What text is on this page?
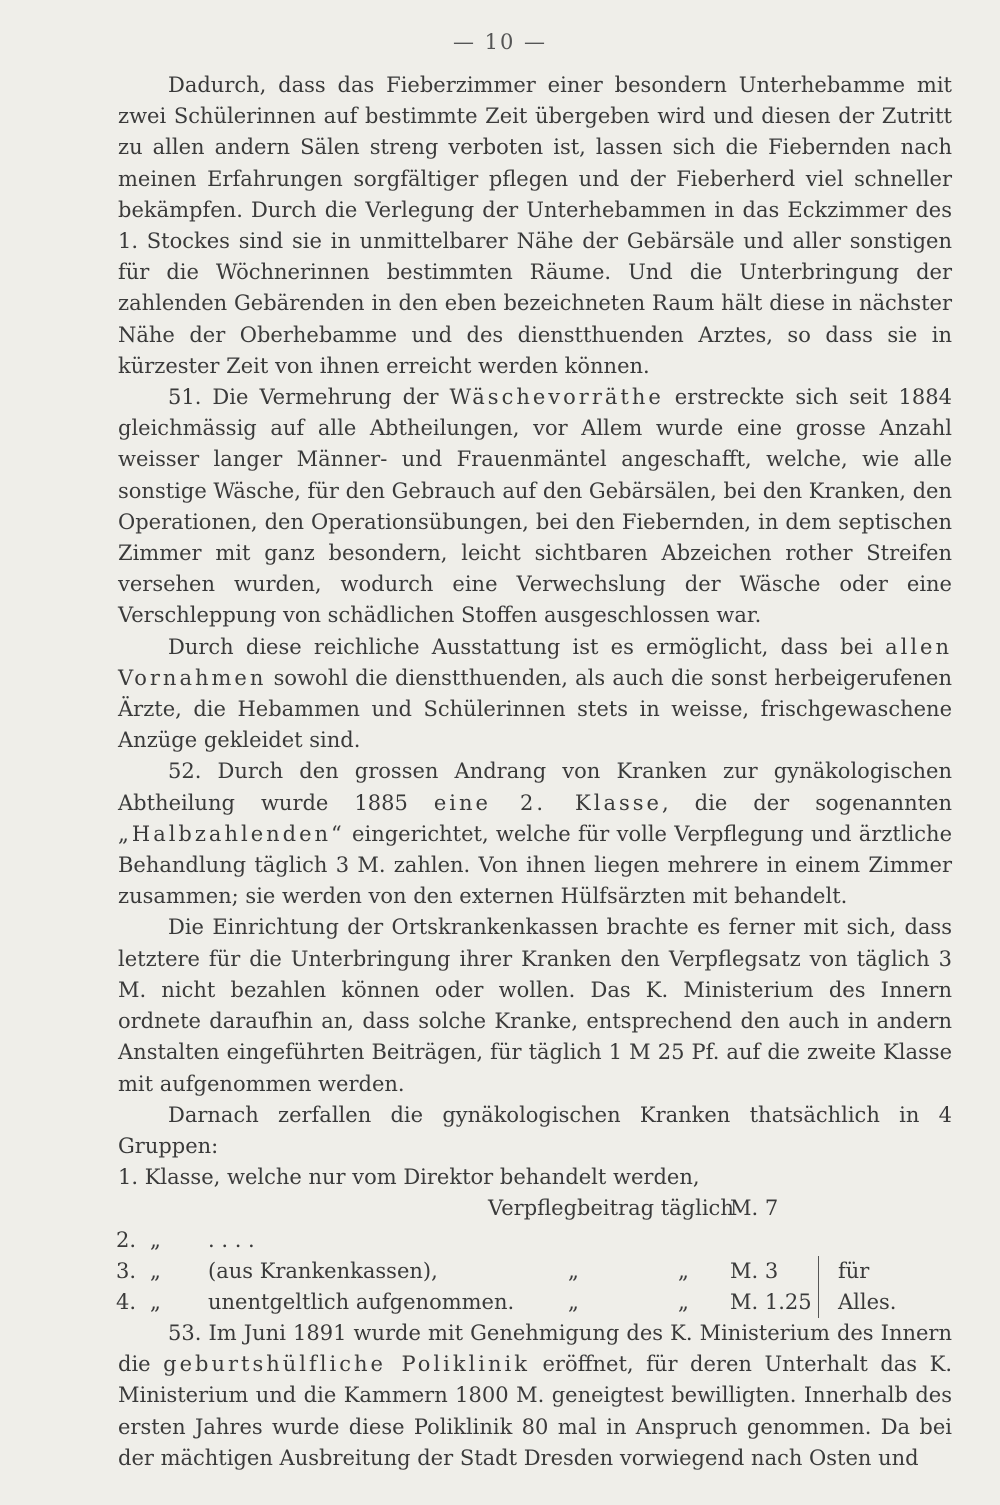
— 10 —

Dadurch, dass das Fieberzimmer einer besondern Unterhebamme mit zwei Schülerinnen auf bestimmte Zeit übergeben wird und diesen der Zutritt zu allen andern Sälen streng verboten ist, lassen sich die Fiebernden nach meinen Erfahrungen sorgfältiger pflegen und der Fieberherd viel schneller bekämpfen. Durch die Verlegung der Unterhebammen in das Eckzimmer des 1. Stockes sind sie in unmittelbarer Nähe der Gebärsäle und aller sonstigen für die Wöchnerinnen bestimmten Räume. Und die Unterbringung der zahlenden Gebärenden in den eben bezeichneten Raum hält diese in nächster Nähe der Oberhebamme und des dienstthuenden Arztes, so dass sie in kürzester Zeit von ihnen erreicht werden können.

51. Die Vermehrung der Wäschevorräthe erstreckte sich seit 1884 gleichmässig auf alle Abtheilungen, vor Allem wurde eine grosse Anzahl weisser langer Männer- und Frauenmäntel angeschafft, welche, wie alle sonstige Wäsche, für den Gebrauch auf den Gebärsälen, bei den Kranken, den Operationen, den Operationsübungen, bei den Fiebernden, in dem septischen Zimmer mit ganz besondern, leicht sichtbaren Abzeichen rother Streifen versehen wurden, wodurch eine Verwechslung der Wäsche oder eine Verschleppung von schädlichen Stoffen ausgeschlossen war.

Durch diese reichliche Ausstattung ist es ermöglicht, dass bei allen Vornahmen sowohl die dienstthuenden, als auch die sonst herbeigerufenen Ärzte, die Hebammen und Schülerinnen stets in weisse, frischgewaschene Anzüge gekleidet sind.

52. Durch den grossen Andrang von Kranken zur gynäkologischen Abtheilung wurde 1885 eine 2. Klasse, die der sogenannten „Halbzahlenden“ eingerichtet, welche für volle Verpflegung und ärztliche Behandlung täglich 3 M. zahlen. Von ihnen liegen mehrere in einem Zimmer zusammen; sie werden von den externen Hülfsärzten mit behandelt.

Die Einrichtung der Ortskrankenkassen brachte es ferner mit sich, dass letztere für die Unterbringung ihrer Kranken den Verpflegsatz von täglich 3 M. nicht bezahlen können oder wollen. Das K. Ministerium des Innern ordnete daraufhin an, dass solche Kranke, entsprechend den auch in andern Anstalten eingeführten Beiträgen, für täglich 1 M 25 Pf. auf die zweite Klasse mit aufgenommen werden.

Darnach zerfallen die gynäkologischen Kranken thatsächlich in 4 Gruppen:

1. Klasse, welche nur vom Direktor behandelt werden,
Verpflegbeitrag täglich
M. 7
2. „ . . . .
3. „ (aus Krankenkassen),	„	„ M. 3	für
4. „ unentgeltlich aufgenommen.	„	„ M. 1.25 Alles.

53. Im Juni 1891 wurde mit Genehmigung des K. Ministerium des Innern die geburtshülfliche Poliklinik eröffnet, für deren Unterhalt das K. Ministerium und die Kammern 1800 M. geneigtest bewilligten. Innerhalb des ersten Jahres wurde diese Poliklinik 80 mal in Anspruch genommen. Da bei der mächtigen Ausbreitung der Stadt Dresden vorwiegend nach Osten und
